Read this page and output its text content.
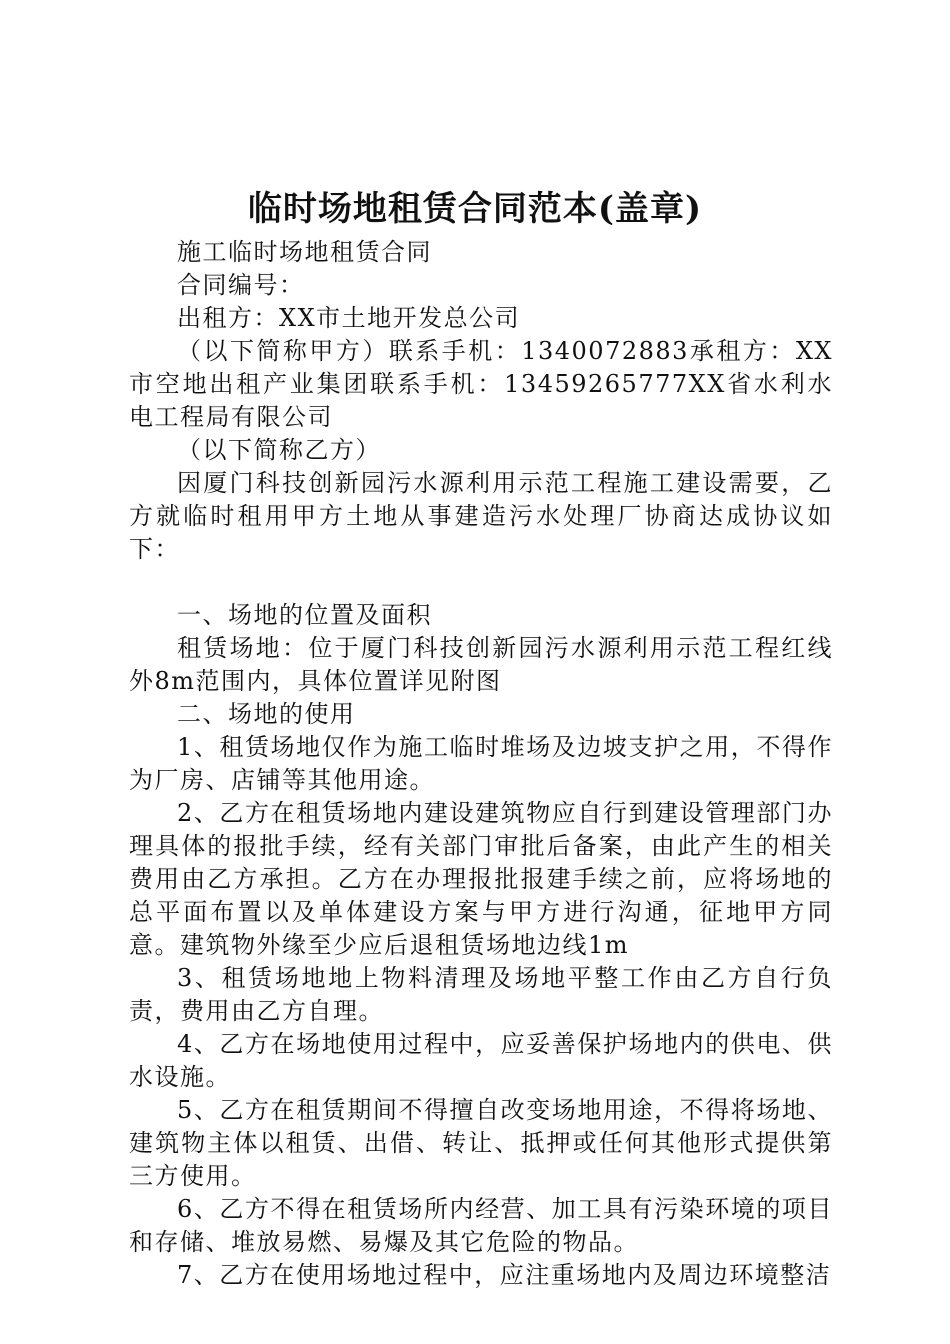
临时场地租赁合同范本(盖章)

施工临时场地租赁合同

合同编号：

出租方：XX市土地开发总公司

（以下简称甲方）联系手机：1340072883承租方：XX市空地出租产业集团联系手机：13459265777XX省水利水电工程局有限公司

（以下简称乙方）

因厦门科技创新园污水源利用示范工程施工建设需要，乙方就临时租用甲方土地从事建造污水处理厂协商达成协议如下：

一、场地的位置及面积

租赁场地：位于厦门科技创新园污水源利用示范工程红线外8m范围内，具体位置详见附图

二、场地的使用

1、租赁场地仅作为施工临时堆场及边坡支护之用，不得作为厂房、店铺等其他用途。

2、乙方在租赁场地内建设建筑物应自行到建设管理部门办理具体的报批手续，经有关部门审批后备案，由此产生的相关费用由乙方承担。乙方在办理报批报建手续之前，应将场地的总平面布置以及单体建设方案与甲方进行沟通，征地甲方同意。建筑物外缘至少应后退租赁场地边线1m

3、租赁场地地上物料清理及场地平整工作由乙方自行负责，费用由乙方自理。

4、乙方在场地使用过程中，应妥善保护场地内的供电、供水设施。

5、乙方在租赁期间不得擅自改变场地用途，不得将场地、建筑物主体以租赁、出借、转让、抵押或任何其他形式提供第三方使用。

6、乙方不得在租赁场所内经营、加工具有污染环境的项目和存储、堆放易燃、易爆及其它危险的物品。

7、乙方在使用场地过程中，应注重场地内及周边环境整洁
